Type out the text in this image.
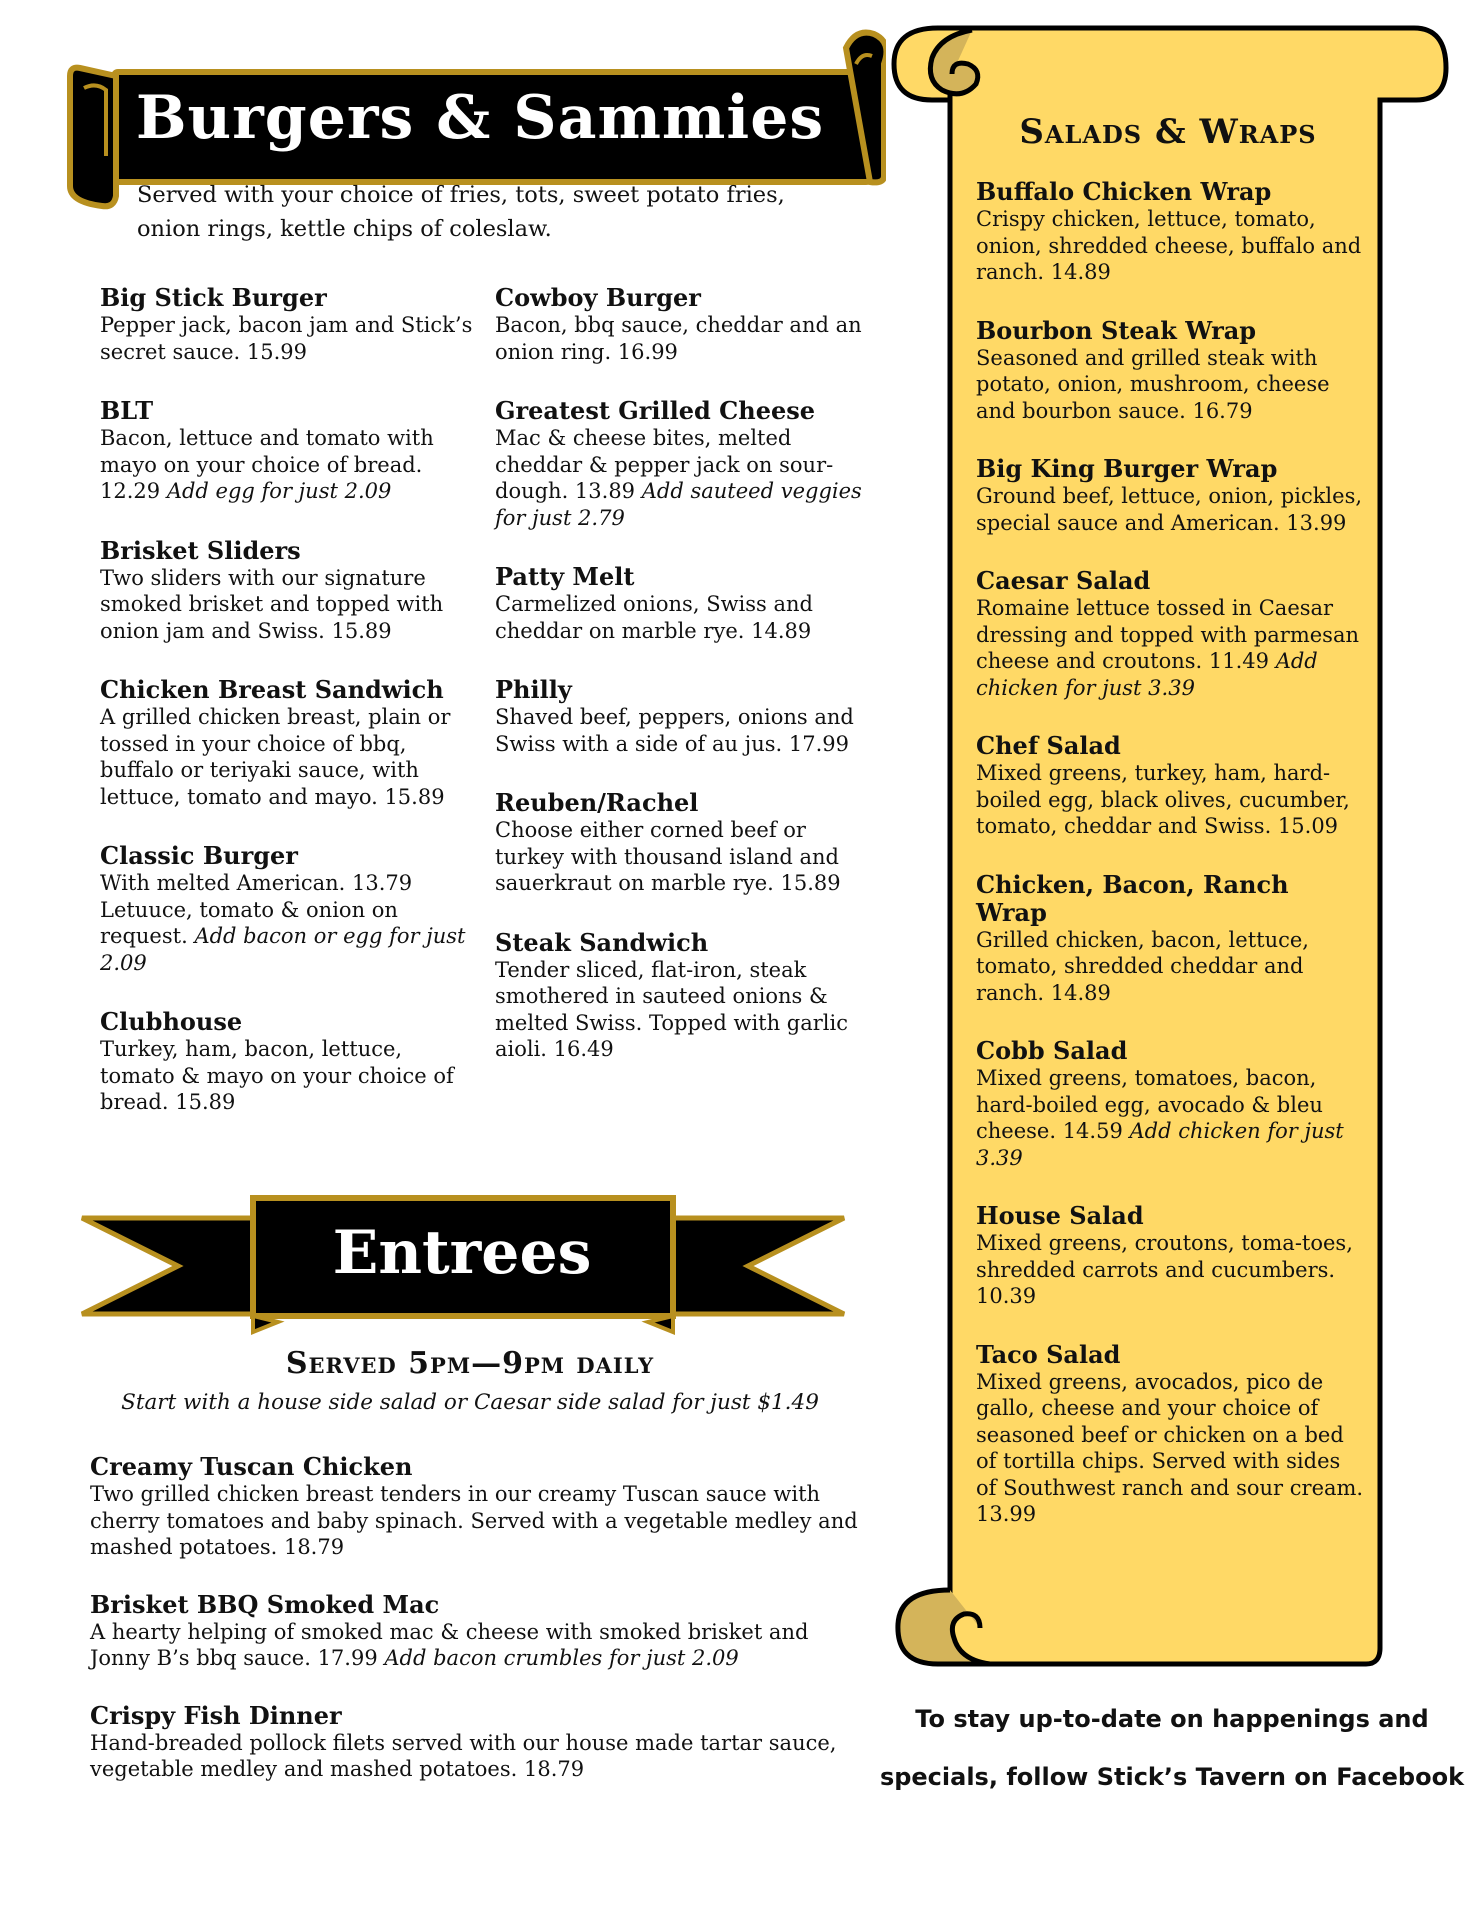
Burgers & Sammies
Served with your choice of fries, tots, sweet potato fries, onion rings, kettle chips of coleslaw.
Big Stick Burger
Pepper jack, bacon jam and Stick’s secret sauce. 15.99
BLT
Bacon, lettuce and tomato with mayo on your choice of bread. 12.29 Add egg for just 2.09
Brisket Sliders
Two sliders with our signature smoked brisket and topped with onion jam and Swiss. 15.89
Chicken Breast Sandwich
A grilled chicken breast, plain or tossed in your choice of bbq, buffalo or teriyaki sauce, with lettuce, tomato and mayo. 15.89
Classic Burger
With melted American. 13.79 Letuuce, tomato & onion on request. Add bacon or egg for just 2.09
Clubhouse
Turkey, ham, bacon, lettuce, tomato & mayo on your choice of bread. 15.89
Cowboy Burger
Bacon, bbq sauce, cheddar and an onion ring. 16.99
Greatest Grilled Cheese
Mac & cheese bites, melted cheddar & pepper jack on sour-dough. 13.89 Add sauteed veggies for just 2.79
Patty Melt
Carmelized onions, Swiss and cheddar on marble rye. 14.89
Philly
Shaved beef, peppers, onions and Swiss with a side of au jus. 17.99
Reuben/Rachel
Choose either corned beef or turkey with thousand island and sauerkraut on marble rye. 15.89
Steak Sandwich
Tender sliced, flat-iron, steak smothered in sauteed onions & melted Swiss. Topped with garlic aioli. 16.49
Entrees
Served 5pm—9pm daily
Start with a house side salad or Caesar side salad for just $1.49
Creamy Tuscan Chicken
Two grilled chicken breast tenders in our creamy Tuscan sauce with cherry tomatoes and baby spinach. Served with a vegetable medley and mashed potatoes. 18.79
Brisket BBQ Smoked Mac
A hearty helping of smoked mac & cheese with smoked brisket and Jonny B’s bbq sauce. 17.99 Add bacon crumbles for just 2.09
Crispy Fish Dinner
Hand-breaded pollock filets served with our house made tartar sauce, vegetable medley and mashed potatoes. 18.79
Salads & Wraps
Buffalo Chicken Wrap
Crispy chicken, lettuce, tomato, onion, shredded cheese, buffalo and ranch. 14.89
Bourbon Steak Wrap
Seasoned and grilled steak with potato, onion, mushroom, cheese and bourbon sauce. 16.79
Big King Burger Wrap
Ground beef, lettuce, onion, pickles, special sauce and American. 13.99
Caesar Salad
Romaine lettuce tossed in Caesar dressing and topped with parmesan cheese and croutons. 11.49 Add chicken for just 3.39
Chef Salad
Mixed greens, turkey, ham, hard-boiled egg, black olives, cucumber, tomato, cheddar and Swiss. 15.09
Chicken, Bacon, Ranch Wrap
Grilled chicken, bacon, lettuce, tomato, shredded cheddar and ranch. 14.89
Cobb Salad
Mixed greens, tomatoes, bacon, hard-boiled egg, avocado & bleu cheese. 14.59 Add chicken for just 3.39
House Salad
Mixed greens, croutons, toma-toes, shredded carrots and cucumbers. 10.39
Taco Salad
Mixed greens, avocados, pico de gallo, cheese and your choice of seasoned beef or chicken on a bed of tortilla chips. Served with sides of Southwest ranch and sour cream. 13.99
To stay up-to-date on happenings and
specials, follow Stick’s Tavern on Facebook
